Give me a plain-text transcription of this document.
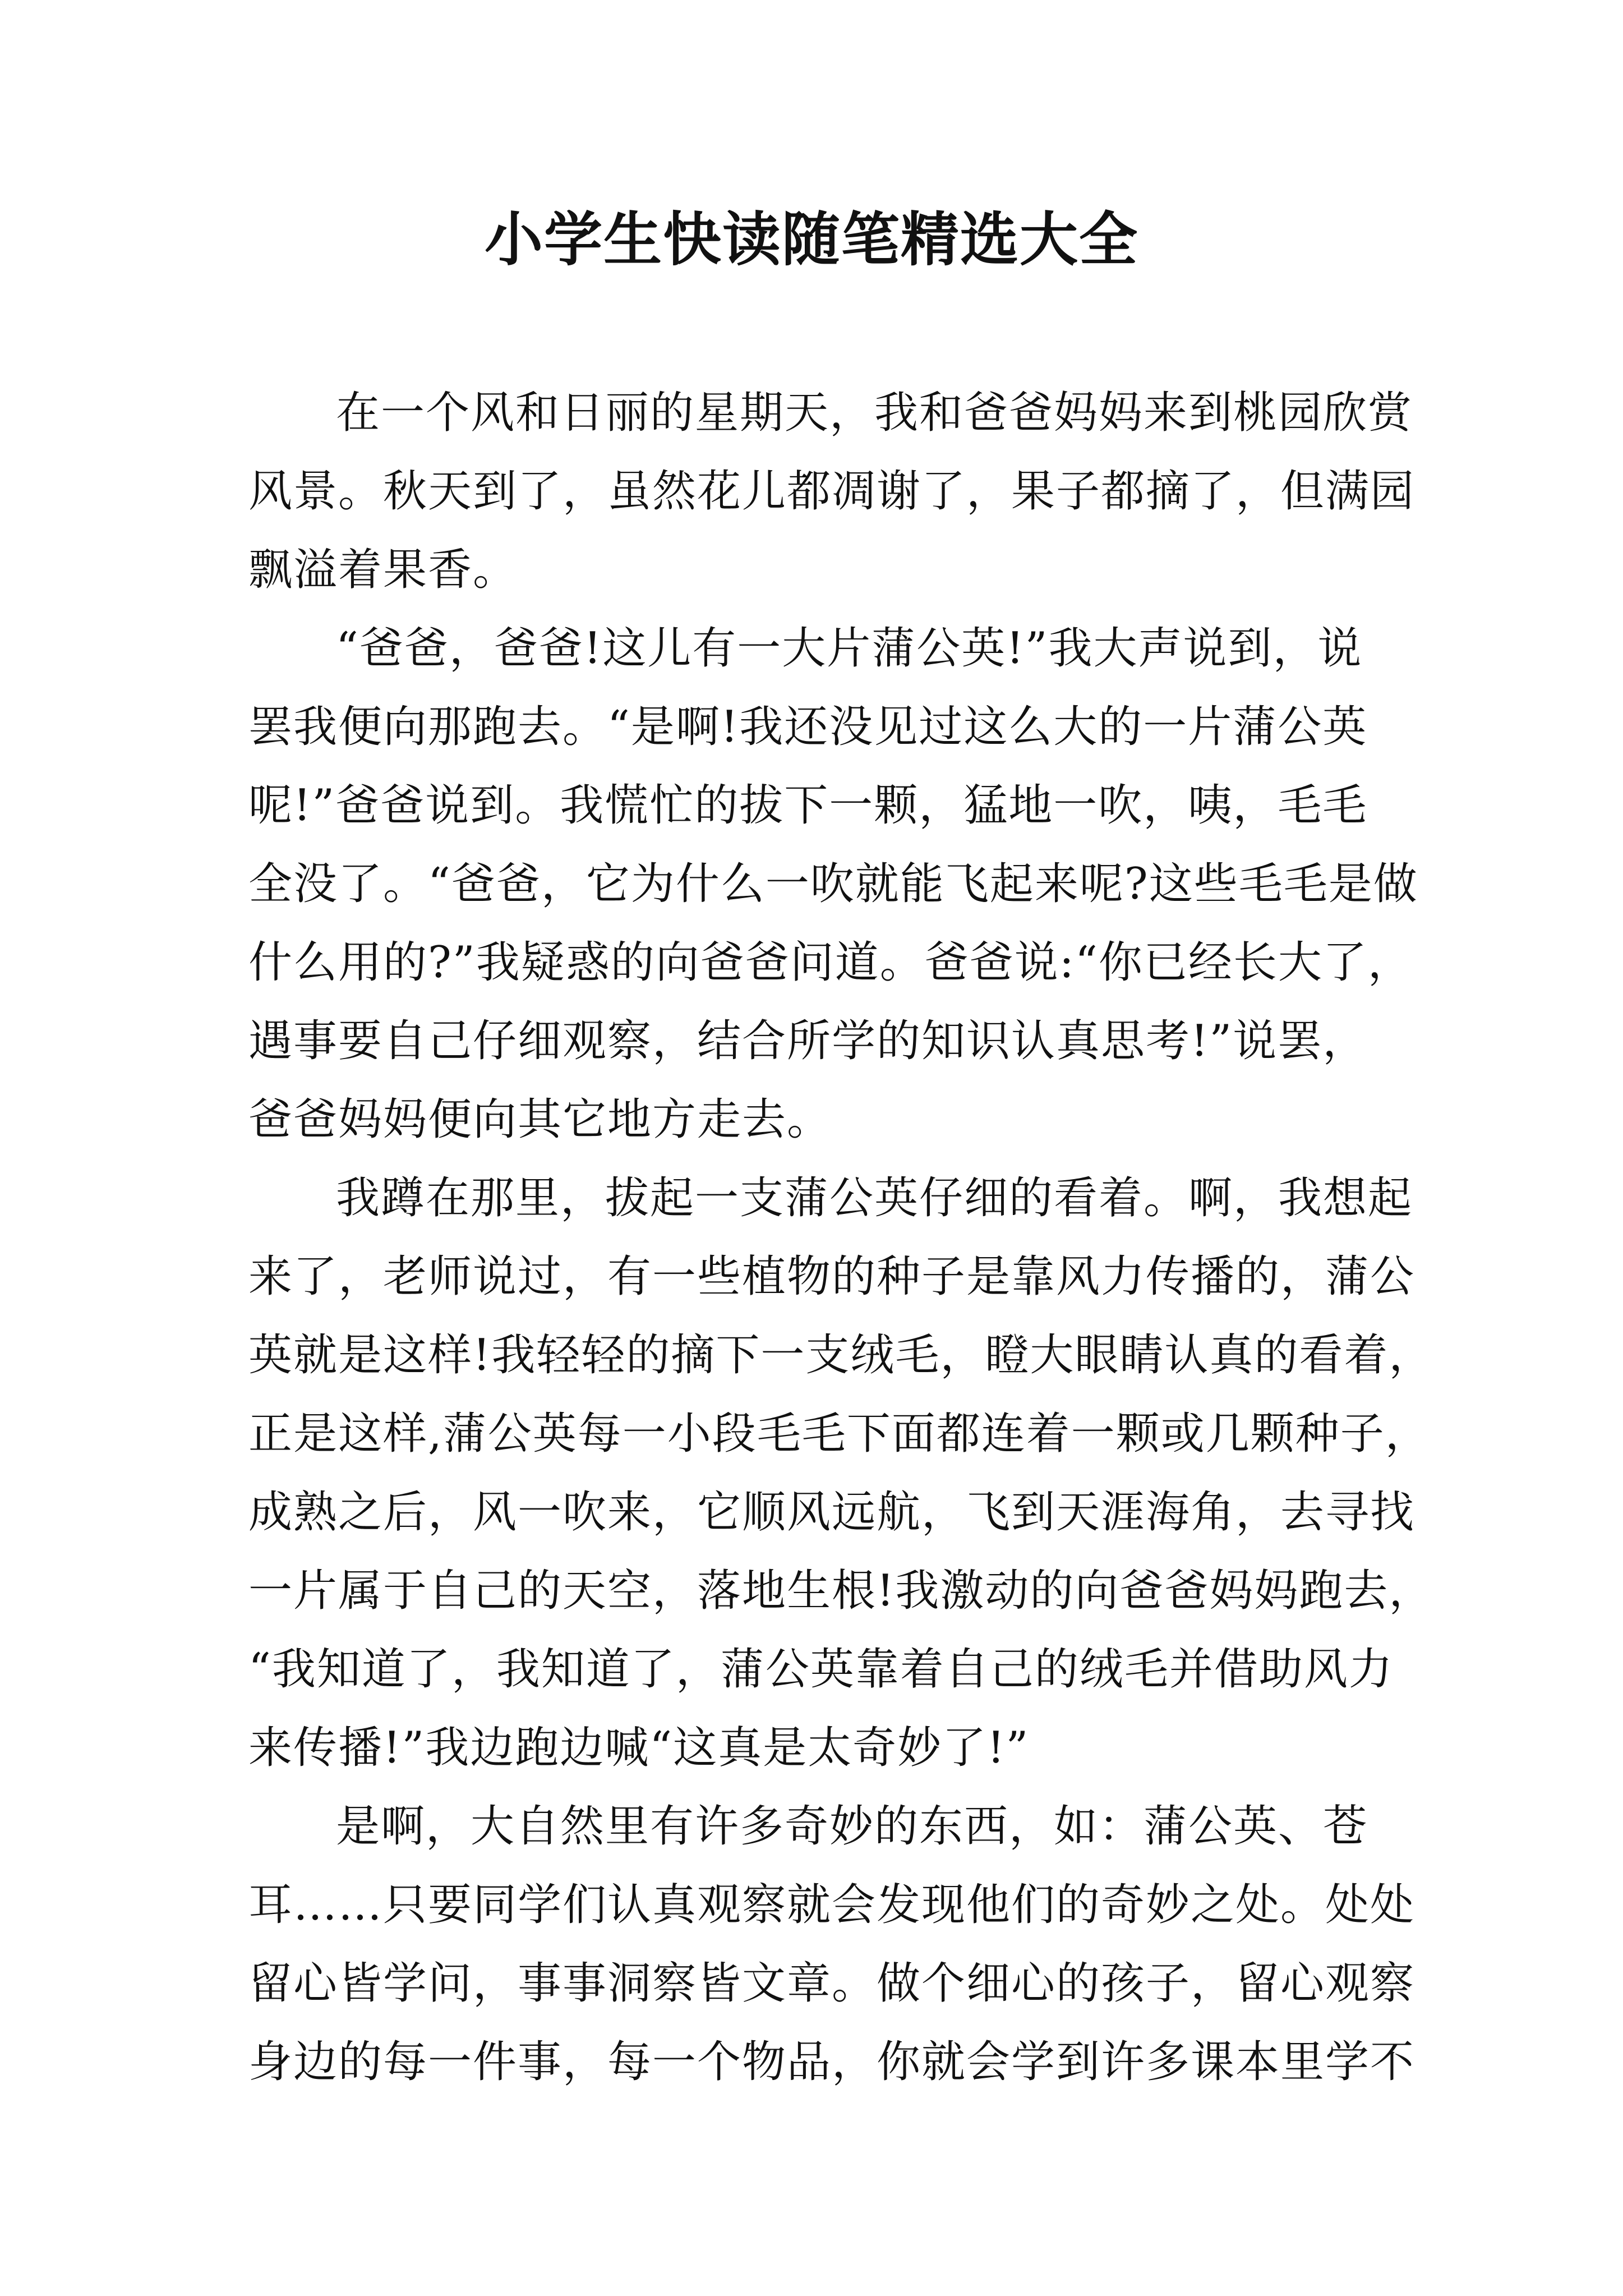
小学生快读随笔精选大全
在一个风和日丽的星期天，我和爸爸妈妈来到桃园欣赏
风景。秋天到了，虽然花儿都凋谢了，果子都摘了，但满园
飘溢着果香。
“爸爸，爸爸!这儿有一大片蒲公英!”我大声说到，说
罢我便向那跑去。“是啊!我还没见过这么大的一片蒲公英
呢!”爸爸说到。我慌忙的拔下一颗，猛地一吹，咦，毛毛
全没了。“爸爸，它为什么一吹就能飞起来呢?这些毛毛是做
什么用的?”我疑惑的向爸爸问道。爸爸说:“你已经长大了，
遇事要自己仔细观察，结合所学的知识认真思考!”说罢，
爸爸妈妈便向其它地方走去。
我蹲在那里，拔起一支蒲公英仔细的看着。啊，我想起
来了，老师说过，有一些植物的种子是靠风力传播的，蒲公
英就是这样!我轻轻的摘下一支绒毛，瞪大眼睛认真的看着，
正是这样,蒲公英每一小段毛毛下面都连着一颗或几颗种子，
成熟之后，风一吹来，它顺风远航，飞到天涯海角，去寻找
一片属于自己的天空，落地生根!我激动的向爸爸妈妈跑去，
“我知道了，我知道了，蒲公英靠着自己的绒毛并借助风力
来传播!”我边跑边喊“这真是太奇妙了!”
是啊，大自然里有许多奇妙的东西，如：蒲公英、苍
耳……只要同学们认真观察就会发现他们的奇妙之处。处处
留心皆学问，事事洞察皆文章。做个细心的孩子，留心观察
身边的每一件事，每一个物品，你就会学到许多课本里学不
